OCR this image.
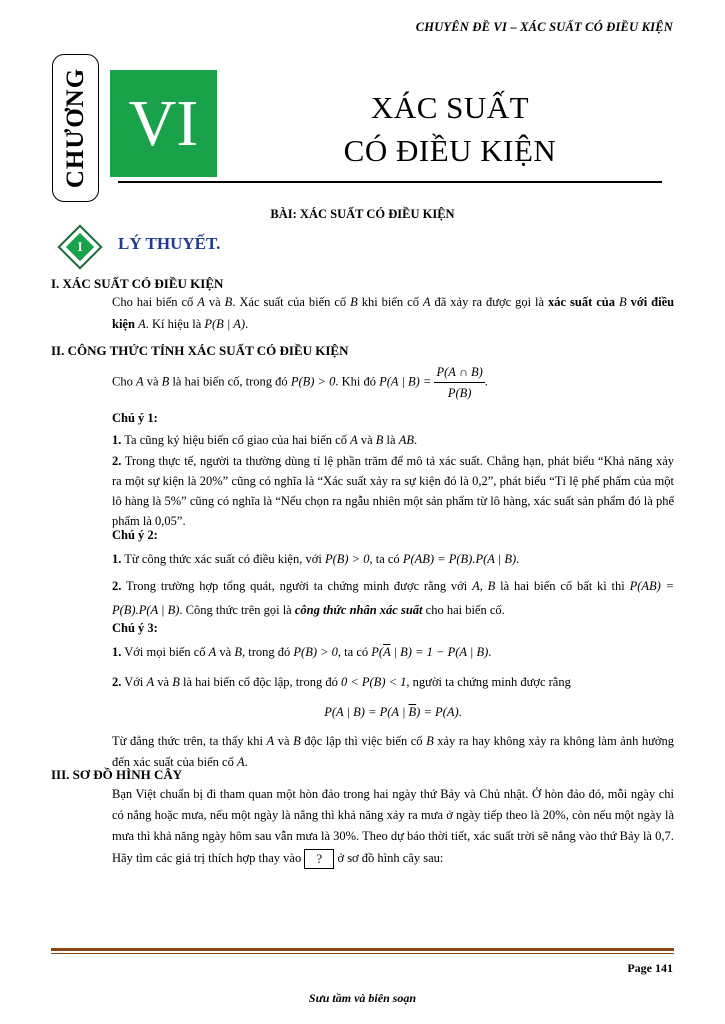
CHUYÊN ĐỀ VI – XÁC SUẤT CÓ ĐIỀU KIỆN
CHƯƠNG VI	XÁC SUẤT
CÓ ĐIỀU KIỆN
BÀI: XÁC SUẤT CÓ ĐIỀU KIỆN
I	LÝ THUYẾT.
I. XÁC SUẤT CÓ ĐIỀU KIỆN
Cho hai biến cố A và B. Xác suất của biến cố B khi biến cố A đã xảy ra được gọi là xác suất của B với điều kiện A. Kí hiệu là P(B | A).
II. CÔNG THỨC TÍNH XÁC SUẤT CÓ ĐIỀU KIỆN
Cho A và B là hai biến cố, trong đó P(B) > 0. Khi đó P(A | $B) = \frac{P(A \cap B)}{P(B)}$ .
Chú ý 1:
1. Ta cũng ký hiệu biến cố giao của hai biến cố A và B là AB.
2. Trong thực tế, người ta thường dùng tỉ lệ phần trăm để mô tả xác suất. Chẳng hạn, phát biểu “Khả năng xảy ra một sự kiện là 20%” cũng có nghĩa là “Xác suất xảy ra sự kiện đó là 0,2”, phát biểu “Tỉ lệ phế phẩm của một lô hàng là 5%” cũng có nghĩa là “Nếu chọn ra ngẫu nhiên một sản phẩm từ lô hàng, xác suất sản phẩm đó là phế phẩm là 0,05”.
Chú ý 2:
1. Từ công thức xác suất có điều kiện, với P(B) > 0, ta có P(AB) = P(B).P(A | B).
2. Trong trường hợp tổng quát, người ta chứng minh được rằng với A, B là hai biến cố bất kì thì P(AB) = P(B).P(A | B). Công thức trên gọi là công thức nhân xác suất cho hai biến cố.
Chú ý 3:
1. Với mọi biến cố A và B, trong đó P(B) > 0, ta có $P(\overline{A}$ | B) = 1 − P(A | B).
2. Với A và B là hai biến cố độc lập, trong đó 0 < P(B) < 1, người ta chứng minh được rằng
P(A | B) = P(A | $\overline{B}) = P(A)$.
Từ đẳng thức trên, ta thấy khi A và B độc lập thì việc biến cố B xảy ra hay không xảy ra không làm ảnh hưởng đến xác suất của biến cố A.
III. SƠ ĐỒ HÌNH CÂY
Bạn Việt chuẩn bị đi tham quan một hòn đảo trong hai ngày thứ Bảy và Chủ nhật. Ở hòn đảo đó, mỗi ngày chỉ có nắng hoặc mưa, nếu một ngày là nắng thì khả năng xảy ra mưa ở ngày tiếp theo là 20%, còn nếu một ngày là mưa thì khả năng ngày hôm sau vẫn mưa là 30%. Theo dự báo thời tiết, xác suất trời sẽ nắng vào thứ Bảy là 0,7.
Hãy tìm các giá trị thích hợp thay vào ? ở sơ đồ hình cây sau:
Page 141
Sưu tầm và biên soạn
